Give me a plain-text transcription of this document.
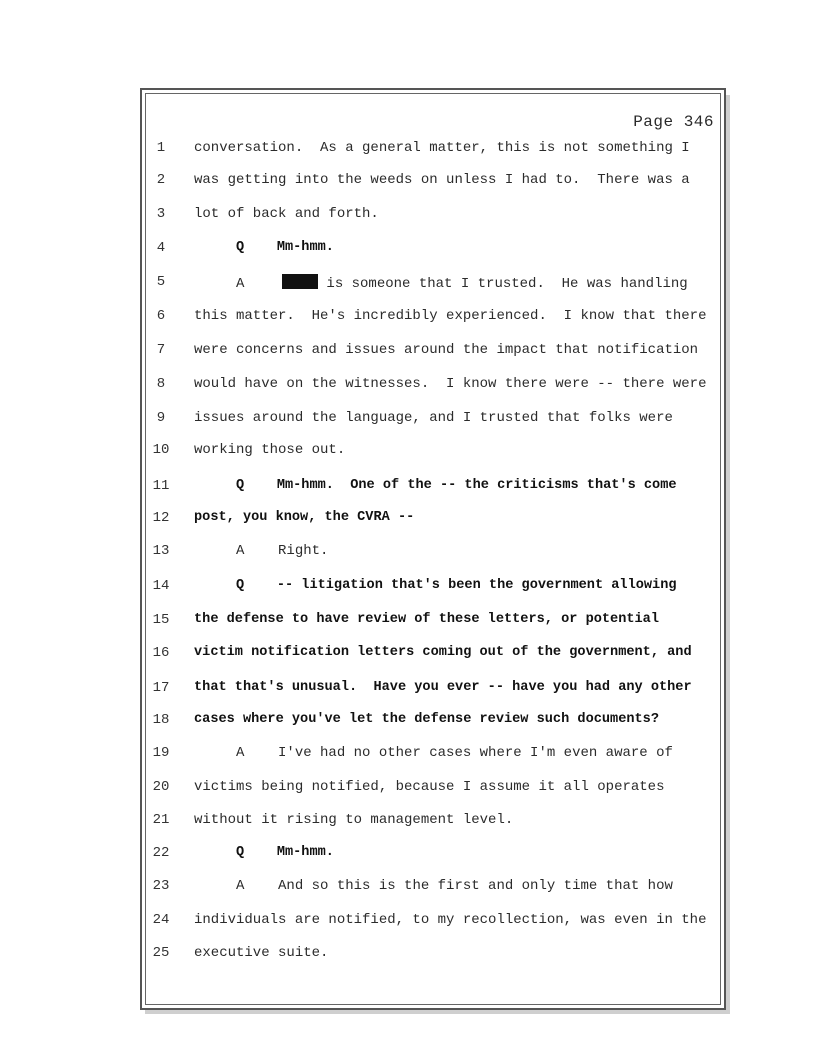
Page 346
1	conversation.  As a general matter, this is not something I
2	was getting into the weeds on unless I had to.  There was a
3	lot of back and forth.
4	Q Mm-hmm.
5	A	is someone that I trusted.  He was handling
6	this matter.  He's incredibly experienced.  I know that there
7	were concerns and issues around the impact that notification
8	would have on the witnesses.  I know there were -- there were
9	issues around the language, and I trusted that folks were
10 working those out.
11	Q Mm-hmm.  One of the -- the criticisms that's come
12 post, you know, the CVRA --
13	A Right.
14	Q -- litigation that's been the government allowing
15 the defense to have review of these letters, or potential
16 victim notification letters coming out of the government, and
17 that that's unusual.  Have you ever -- have you had any other
18 cases where you've let the defense review such documents?
19	A I've had no other cases where I'm even aware of
20 victims being notified, because I assume it all operates
21 without it rising to management level.
22	Q Mm-hmm.
23	A And so this is the first and only time that how
24 individuals are notified, to my recollection, was even in the
25 executive suite.
